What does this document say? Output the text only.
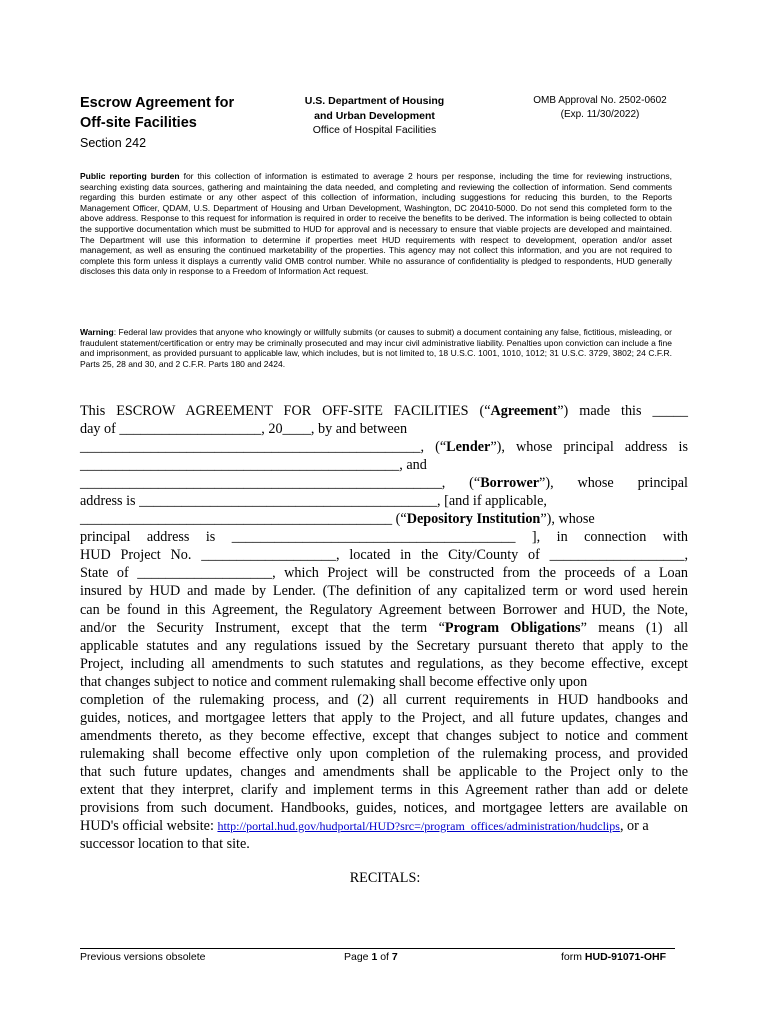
Escrow Agreement for
Off-site Facilities
Section 242
U.S. Department of Housing
and Urban Development
Office of Hospital Facilities
OMB Approval No. 2502-0602
(Exp. 11/30/2022)
Public reporting burden for this collection of information is estimated to average 2 hours per response, including the time for reviewing instructions, searching existing data sources, gathering and maintaining the data needed, and completing and reviewing the collection of information. Send comments regarding this burden estimate or any other aspect of this collection of information, including suggestions for reducing this burden, to the Reports Management Officer, QDAM, U.S. Department of Housing and Urban Development, Washington, DC 20410-5000. Do not send this completed form to the above address. Response to this request for information is required in order to receive the benefits to be derived. The information is being collected to obtain the supportive documentation which must be submitted to HUD for approval and is necessary to ensure that viable projects are developed and maintained. The Department will use this information to determine if properties meet HUD requirements with respect to development, operation and/or asset management, as well as ensuring the continued marketability of the properties. This agency may not collect this information, and you are not required to complete this form unless it displays a currently valid OMB control number. While no assurance of confidentiality is pledged to respondents, HUD generally discloses this data only in response to a Freedom of Information Act request.
Warning: Federal law provides that anyone who knowingly or willfully submits (or causes to submit) a document containing any false, fictitious, misleading, or fraudulent statement/certification or entry may be criminally prosecuted and may incur civil administrative liability. Penalties upon conviction can include a fine and imprisonment, as provided pursuant to applicable law, which includes, but is not limited to, 18 U.S.C. 1001, 1010, 1012; 31 U.S.C. 3729, 3802; 24 C.F.R. Parts 25, 28 and 30, and 2 C.F.R. Parts 180 and 2424.
This ESCROW AGREEMENT FOR OFF-SITE FACILITIES (“Agreement”) made this _____
day of ____________________, 20____, by and between
________________________________________________, (“Lender”), whose principal address is
_____________________________________________, and
___________________________________________________, (“Borrower”), whose principal
address is __________________________________________, [and if applicable,
____________________________________________ (“Depository Institution”), whose
principal address is ________________________________________ ], in connection with
HUD Project No. ___________________, located in the City/County of ___________________,
State of ___________________, which Project will be constructed from the proceeds of a Loan
insured by HUD and made by Lender. (The definition of any capitalized term or word used herein
can be found in this Agreement, the Regulatory Agreement between Borrower and HUD, the Note,
and/or the Security Instrument, except that the term “Program Obligations” means (1) all
applicable statutes and any regulations issued by the Secretary pursuant thereto that apply to the
Project, including all amendments to such statutes and regulations, as they become effective, except
that changes subject to notice and comment rulemaking shall become effective only upon
completion of the rulemaking process, and (2) all current requirements in HUD handbooks and
guides, notices, and mortgagee letters that apply to the Project, and all future updates, changes and
amendments thereto, as they become effective, except that changes subject to notice and comment
rulemaking shall become effective only upon completion of the rulemaking process, and provided
that such future updates, changes and amendments shall be applicable to the Project only to the
extent that they interpret, clarify and implement terms in this Agreement rather than add or delete
provisions from such document. Handbooks, guides, notices, and mortgagee letters are available on
HUD's official website: http://portal.hud.gov/hudportal/HUD?src=/program_offices/administration/hudclips, or a
successor location to that site.
RECITALS:
Previous versions obsolete	Page 1 of 7	form HUD-91071-OHF
